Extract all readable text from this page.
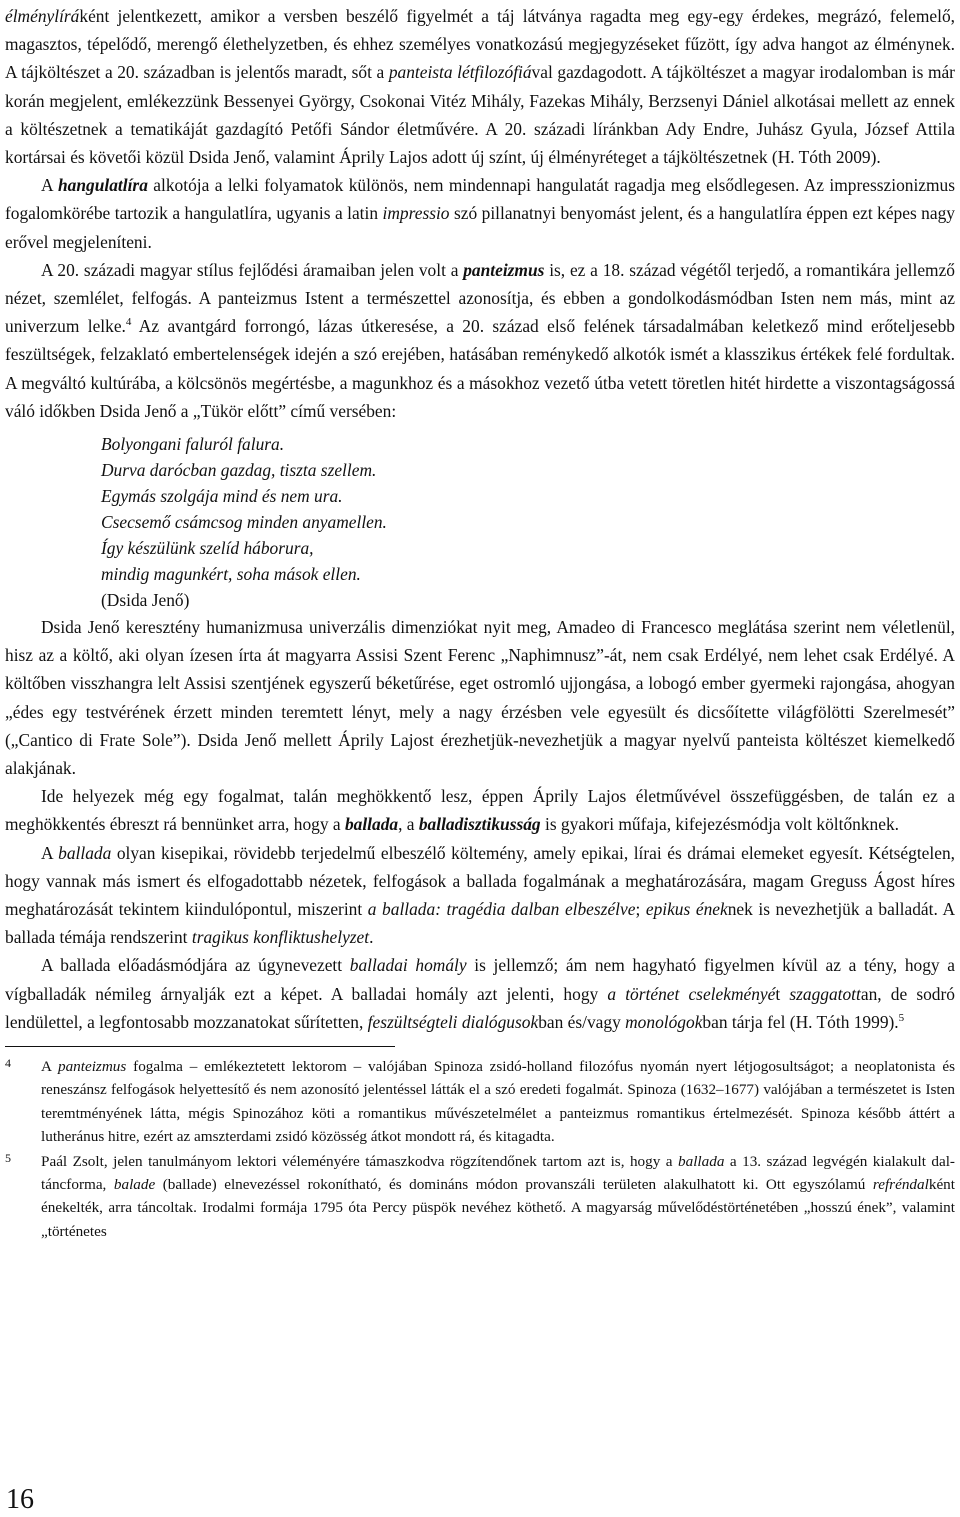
élménylíráként jelentkezett, amikor a versben beszélő figyelmét a táj látványa ragadta meg egy-egy érdekes, megrázó, felemelő, magasztos, tépelődő, merengő élethelyzetben, és ehhez személyes vonatkozású megjegyzéseket fűzött, így adva hangot az élménynek. A tájköltészet a 20. században is jelentős maradt, sőt a panteista létfilozófiával gazdagodott. A tájköltészet a magyar irodalomban is már korán megjelent, emlékezzünk Bessenyei György, Csokonai Vitéz Mihály, Fazekas Mihály, Berzsenyi Dániel alkotásai mellett az ennek a költészetnek a tematikáját gazdagító Petőfi Sándor életművére. A 20. századi líránkban Ady Endre, Juhász Gyula, József Attila kortársai és követői közül Dsida Jenő, valamint Áprily Lajos adott új színt, új élményréteget a tájköltészetnek (H. Tóth 2009).

A hangulatlíra alkotója a lelki folyamatok különös, nem mindennapi hangulatát ragadja meg elsődlegesen. Az impresszionizmus fogalomkörébe tartozik a hangulatlíra, ugyanis a latin impressio szó pillanatnyi benyomást jelent, és a hangulatlíra éppen ezt képes nagy erővel megjeleníteni.

A 20. századi magyar stílus fejlődési áramaiban jelen volt a panteizmus is, ez a 18. század végétől terjedő, a romantikára jellemző nézet, szemlélet, felfogás. A panteizmus Istent a természettel azonosítja, és ebben a gondolkodásmódban Isten nem más, mint az univerzum lelke.$^4$ Az avantgárd forrongó, lázas útkeresése, a 20. század első felének társadalmában keletkező mind erőteljesebb feszültségek, felzaklató embertelenségek idején a szó erejében, hatásában reménykedő alkotók ismét a klasszikus értékek felé fordultak. A megváltó kultúrába, a kölcsönös megértésbe, a magunkhoz és a másokhoz vezető útba vetett töretlen hitét hirdette a viszontagságossá váló időkben Dsida Jenő a „Tükör előtt” című versében:

Bolyongani faluról falura.
Durva darócban gazdag, tiszta szellem.
Egymás szolgája mind és nem ura.
Csecsemő csámcsog minden anyamellen.
Így készülünk szelíd háborura,
mindig magunkért, soha mások ellen.
(Dsida Jenő)

Dsida Jenő keresztény humanizmusa univerzális dimenziókat nyit meg, Amadeo di Francesco meglátása szerint nem véletlenül, hisz az a költő, aki olyan ízesen írta át magyarra Assisi Szent Ferenc „Naphimnusz”-át, nem csak Erdélyé, nem lehet csak Erdélyé. A költőben visszhangra lelt Assisi szentjének egyszerű béketűrése, eget ostromló ujjongása, a lobogó ember gyermeki rajongása, ahogyan „édes egy testvérének érzett minden teremtett lényt, mely a nagy érzésben vele egyesült és dicsőítette világfölötti Szerelmesét” („Cantico di Frate Sole”). Dsida Jenő mellett Áprily Lajost érezhetjük-nevezhetjük a magyar nyelvű panteista költészet kiemelkedő alakjának.

Ide helyezek még egy fogalmat, talán meghökkentő lesz, éppen Áprily Lajos életművével összefüggésben, de talán ez a meghökkentés ébreszt rá bennünket arra, hogy a ballada, a balladisztikusság is gyakori műfaja, kifejezésmódja volt költőnknek.

A ballada olyan kisepikai, rövidebb terjedelmű elbeszélő költemény, amely epikai, lírai és drámai elemeket egyesít. Kétségtelen, hogy vannak más ismert és elfogadottabb nézetek, felfogások a ballada fogalmának a meghatározására, magam Greguss Ágost híres meghatározását tekintem kiindulópontul, miszerint a ballada: tragédia dalban elbeszélve; epikus éneknek is nevezhetjük a balladát. A ballada témája rendszerint tragikus konfliktushelyzet.

A ballada előadásmódjára az úgynevezett balladai homály is jellemző; ám nem hagyható figyelmen kívül az a tény, hogy a vígballadák némileg árnyalják ezt a képet. A balladai homály azt jelenti, hogy a történet cselekményét szaggatottan, de sodró lendülettel, a legfontosabb mozzanatokat sűrítetten, feszültségteli dialógusokban és/vagy monológokban tárja fel (H. Tóth 1999).$^5$

4 A panteizmus fogalma – emlékeztetett lektorom – valójában Spinoza zsidó-holland filozófus nyomán nyert létjogosultságot; a neoplatonista és reneszánsz felfogások helyettesítő és nem azonosító jelentéssel látták el a szó eredeti fogalmát. Spinoza (1632–1677) valójában a természetet is Isten teremtményének látta, mégis Spinozához köti a romantikus művészetelmélet a panteizmus romantikus értelmezését. Spinoza később áttért a lutheránus hitre, ezért az amszterdami zsidó közösség átkot mondott rá, és kitagadta.

5 Paál Zsolt, jelen tanulmányom lektori véleményére támaszkodva rögzítendőnek tartom azt is, hogy a ballada a 13. század legvégén kialakult dal-táncforma, balade (ballade) elnevezéssel rokonítható, és domináns módon provanszáli területen alakulhatott ki. Ott egyszólamú refréndalként énekelték, arra táncoltak. Irodalmi formája 1795 óta Percy püspök nevéhez köthető. A magyarság művelődéstörténetében „hosszú ének”, valamint „történetes

16
